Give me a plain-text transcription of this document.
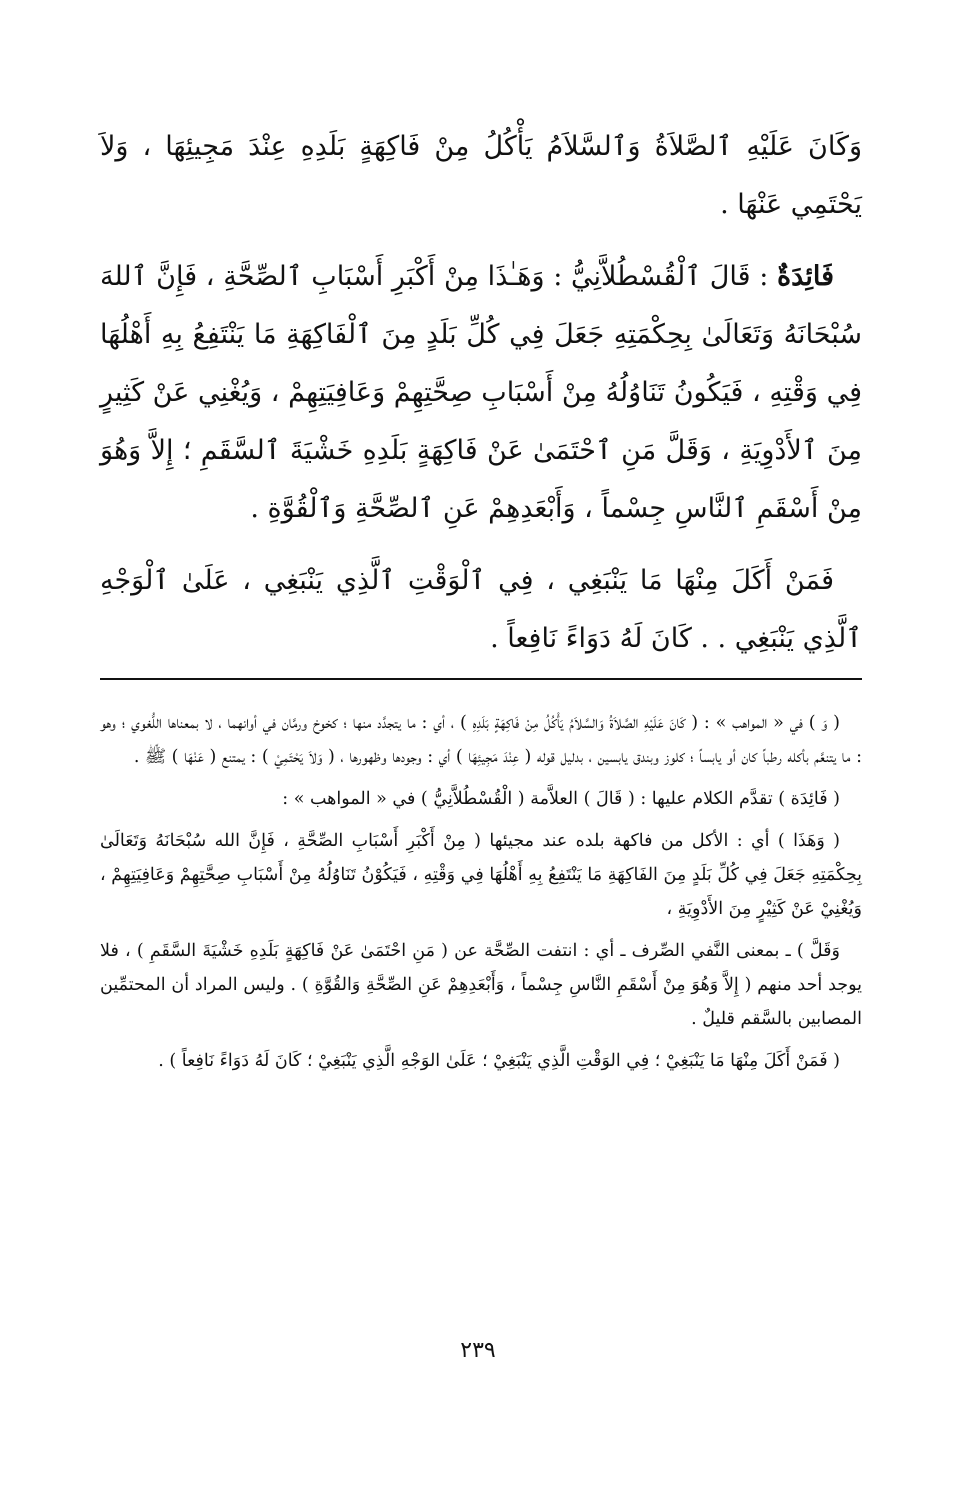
وَكَانَ عَلَيْهِ ٱلصَّلاَةُ وَٱلسَّلاَمُ يَأْكُلُ مِنْ فَاكِهَةٍ بَلَدِهِ عِنْدَ مَجِيئِهَا ، وَلاَ يَحْتَمِي عَنْهَا .

فَائِدَةٌ : قَالَ ٱلْقُسْطُلاَّنِيُّ : وَهَـٰذَا مِنْ أَكْبَرِ أَسْبَابِ ٱلصِّحَّةِ ، فَإِنَّ ٱللهَ سُبْحَانَهُ وَتَعَالَىٰ بِحِكْمَتِهِ جَعَلَ فِي كُلِّ بَلَدٍ مِنَ ٱلْفَاكِهَةِ مَا يَنْتَفِعُ بِهِ أَهْلُهَا فِي وَقْتِهِ ، فَيَكُونُ تَنَاوُلُهُ مِنْ أَسْبَابِ صِحَّتِهِمْ وَعَافِيَتِهِمْ ، وَيُغْنِي عَنْ كَثِيرٍ مِنَ ٱلأَدْوِيَةِ ، وَقَلَّ مَنِ ٱحْتَمَىٰ عَنْ فَاكِهَةٍ بَلَدِهِ خَشْيَةَ ٱلسَّقَمِ ؛ إِلاَّ وَهُوَ مِنْ أَسْقَمِ ٱلنَّاسِ جِسْماً ، وَأَبْعَدِهِمْ عَنِ ٱلصِّحَّةِ وَٱلْقُوَّةِ .

فَمَنْ أَكَلَ مِنْهَا مَا يَنْبَغِي ، فِي ٱلْوَقْتِ ٱلَّذِي يَنْبَغِي ، عَلَىٰ ٱلْوَجْهِ ٱلَّذِي يَنْبَغِي . . كَانَ لَهُ دَوَاءً نَافِعاً .

( وَ ) في « المواهب » : ( كَانَ عَلَيْهِ الصَّلاَةُ وَالسَّلاَمُ يَأْكُلُ مِنْ فَاكِهَةٍ بَلَدِهِ ) ، أي : ما يتجدَّد منها ؛ كخوخ ورمَّان في أوانهما ، لا بمعناها اللُّغوي ؛ وهو : ما يتنعَّم بأكله رطباً كان أو يابساً ؛ كلوز وبندق يابسين ، بدليل قوله ( عِنْدَ مَجِيئِهَا ) أي : وجودها وظهورها ، ( وَلاَ يَحْتَمِيْ ) : يمتنع ( عَنْهَا ) ﷺ .

( فَائِدَة ) تقدَّم الكلام عليها : ( قَالَ ) العلاَّمة ( الْقُسْطُلاَّنِيُّ ) في « المواهب » :

( وَهَذَا ) أي : الأكل من فاكهة بلده عند مجيئها ( مِنْ أَكْبَرِ أَسْبَابِ الصِّحَّةِ ، فَإِنَّ الله سُبْحَانَهُ وَتَعَالَىٰ بِحِكْمَتِهِ جَعَلَ فِي كُلِّ بَلَدٍ مِنَ الفَاكِهَةِ مَا يَنْتَفِعُ بِهِ أَهْلُهَا فِي وَقْتِهِ ، فَيَكُوْنُ تَنَاوُلُهُ مِنْ أَسْبَابِ صِحَّتِهِمْ وَعَافِيَتِهِمْ ، وَيُغْنِيْ عَنْ كَثِيْرٍ مِنَ الأَدْوِيَةِ ،

وَقَلَّ ) ـ بمعنى النَّفي الصِّرف ـ أي : انتفت الصِّحَّة عن ( مَنِ احْتَمَىٰ عَنْ فَاكِهَةٍ بَلَدِهِ خَشْيَةَ السَّقَمِ ) ، فلا يوجد أحد منهم ( إِلاَّ وَهُوَ مِنْ أَسْقَمِ النَّاسِ جِسْماً ، وَأَبْعَدِهِمْ عَنِ الصِّحَّةِ وَالقُوَّةِ ) . وليس المراد أن المحتمِّين المصابين بالسَّقم قليلٌ .

( فَمَنْ أَكَلَ مِنْهَا مَا يَنْبَغِيْ ؛ فِي الوَقْتِ الَّذِي يَنْبَغِيْ ؛ عَلَىٰ الوَجْهِ الَّذِي يَنْبَغِيْ ؛ كَانَ لَهُ دَوَاءً نَافِعاً ) .

٢٣٩
